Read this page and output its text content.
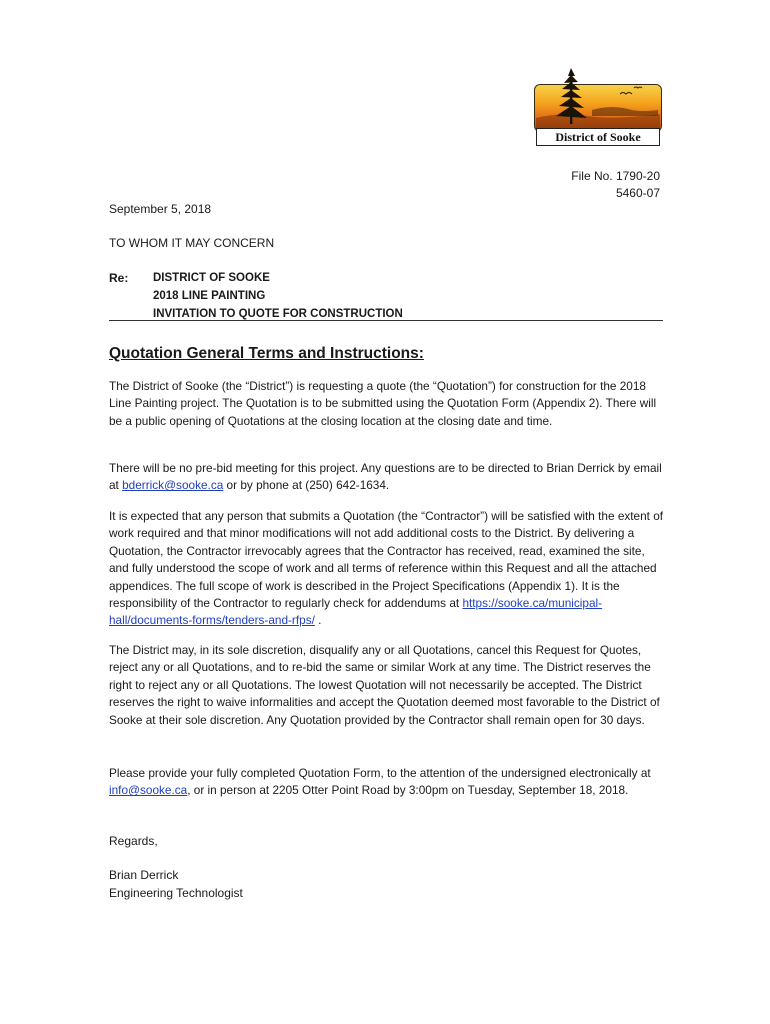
District of Sooke
File No. 1790-20
5460-07
September 5, 2018
TO WHOM IT MAY CONCERN
Re: DISTRICT OF SOOKE
2018 LINE PAINTING
INVITATION TO QUOTE FOR CONSTRUCTION
Quotation General Terms and Instructions:
The District of Sooke (the “District”) is requesting a quote (the “Quotation”) for construction for the 2018 Line Painting project. The Quotation is to be submitted using the Quotation Form (Appendix 2). There will be a public opening of Quotations at the closing location at the closing date and time.
There will be no pre-bid meeting for this project. Any questions are to be directed to Brian Derrick by email at bderrick@sooke.ca or by phone at (250) 642-1634.
It is expected that any person that submits a Quotation (the “Contractor”) will be satisfied with the extent of work required and that minor modifications will not add additional costs to the District. By delivering a Quotation, the Contractor irrevocably agrees that the Contractor has received, read, examined the site, and fully understood the scope of work and all terms of reference within this Request and all the attached appendices. The full scope of work is described in the Project Specifications (Appendix 1). It is the responsibility of the Contractor to regularly check for addendums at https://sooke.ca/municipal-hall/documents-forms/tenders-and-rfps/ .
The District may, in its sole discretion, disqualify any or all Quotations, cancel this Request for Quotes, reject any or all Quotations, and to re-bid the same or similar Work at any time. The District reserves the right to reject any or all Quotations. The lowest Quotation will not necessarily be accepted. The District reserves the right to waive informalities and accept the Quotation deemed most favorable to the District of Sooke at their sole discretion. Any Quotation provided by the Contractor shall remain open for 30 days.
Please provide your fully completed Quotation Form, to the attention of the undersigned electronically at info@sooke.ca, or in person at 2205 Otter Point Road by 3:00pm on Tuesday, September 18, 2018.
Regards,
Brian Derrick
Engineering Technologist
